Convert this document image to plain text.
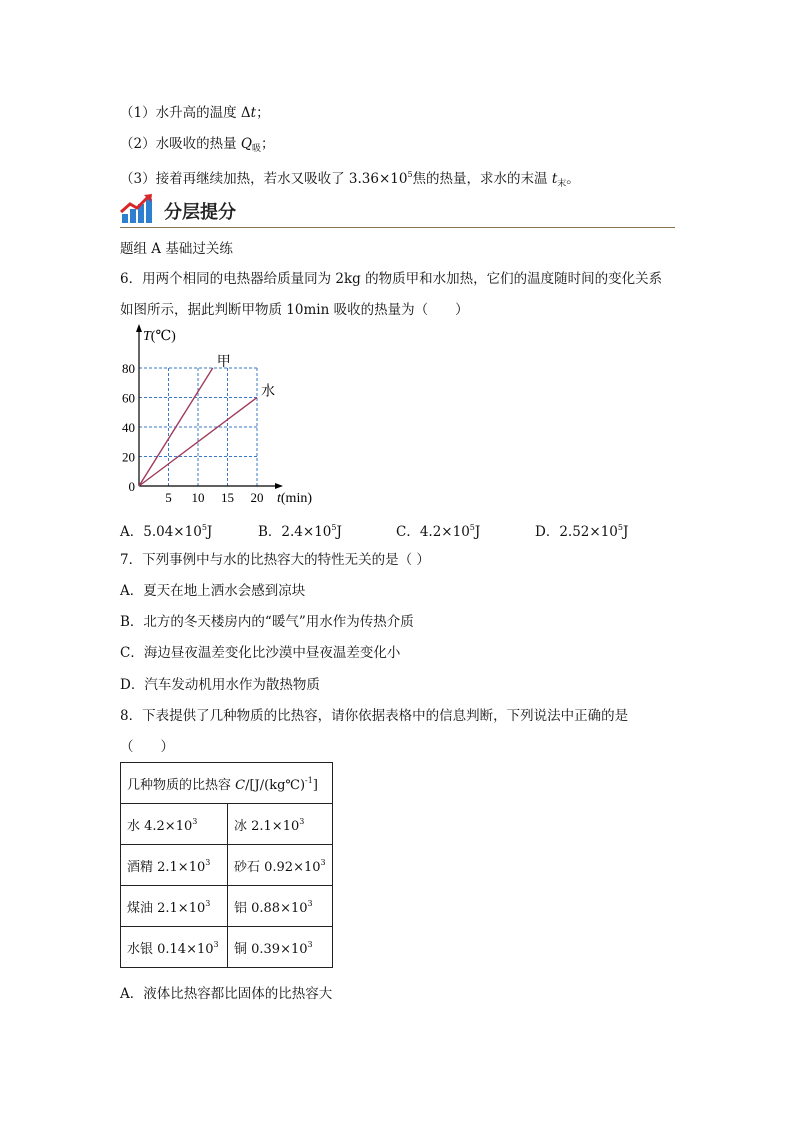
（1）水升高的温度 Δt；
（2）水吸收的热量 $Q_吸$；
（3）接着再继续加热，若水又吸收了 $3.36\times 10^5$焦的热量，求水的末温 $t_末$。
分层提分
题组 A 基础过关练
6．用两个相同的电热器给质量同为 2kg 的物质甲和水加热，它们的温度随时间的变化关系
如图所示，据此判断甲物质 10min 吸收的热量为（　　）
5 10 15 20
0
20
40
60
80
T(℃)
t(min)
甲
水
A．$5.04\times 10^5J$	B．$2.4\times 10^5J$	C．$4.2\times 10^5J$	D．$2.52\times 10^5J$
7．下列事例中与水的比热容大的特性无关的是（ ）
A．夏天在地上洒水会感到凉块
B．北方的冬天楼房内的“暖气”用水作为传热介质
C．海边昼夜温差变化比沙漠中昼夜温差变化小
D．汽车发动机用水作为散热物质
8．下表提供了几种物质的比热容，请你依据表格中的信息判断，下列说法中正确的是
（　　）
几种物质的比热容 C/[J/(kg℃)$^{-1}$]	
水 $4.2\times 10^3$	冰 $2.1\times 10^3$
酒精 $2.1\times 10^3$	砂石 $0.92\times 10^3$
煤油 $2.1\times 10^3$	铝 $0.88\times 10^3$
水银 $0.14\times 10^3$	铜 $0.39\times 10^3$
A．液体比热容都比固体的比热容大
